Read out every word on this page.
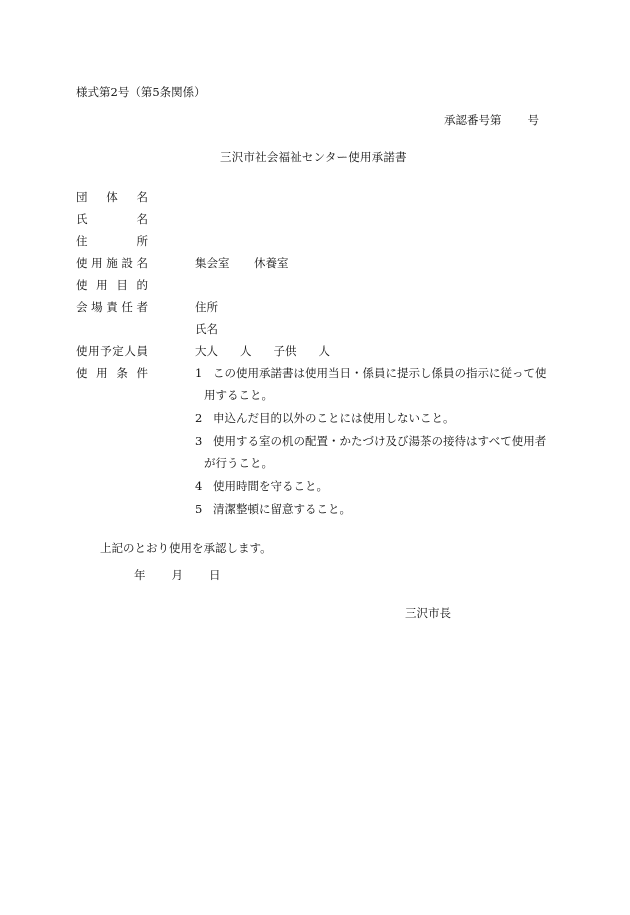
様式第2号（第5条関係）
承認番号第 号
三沢市社会福祉センター使用承諾書
団　体　名
氏　　名
住　　所
使用施設名
使用目的
会場責任者
使用予定人員
使用条件
集会室 休養室
住所
氏名
大人 人 子供 人
1 この使用承諾書は使用当日・係員に提示し係員の指示に従って使
用すること。
2 申込んだ目的以外のことには使用しないこと。
3 使用する室の机の配置・かたづけ及び湯茶の接待はすべて使用者
が行うこと。
4 使用時間を守ること。
5 清潔整頓に留意すること。
上記のとおり使用を承認します。
年 月 日
三沢市長
